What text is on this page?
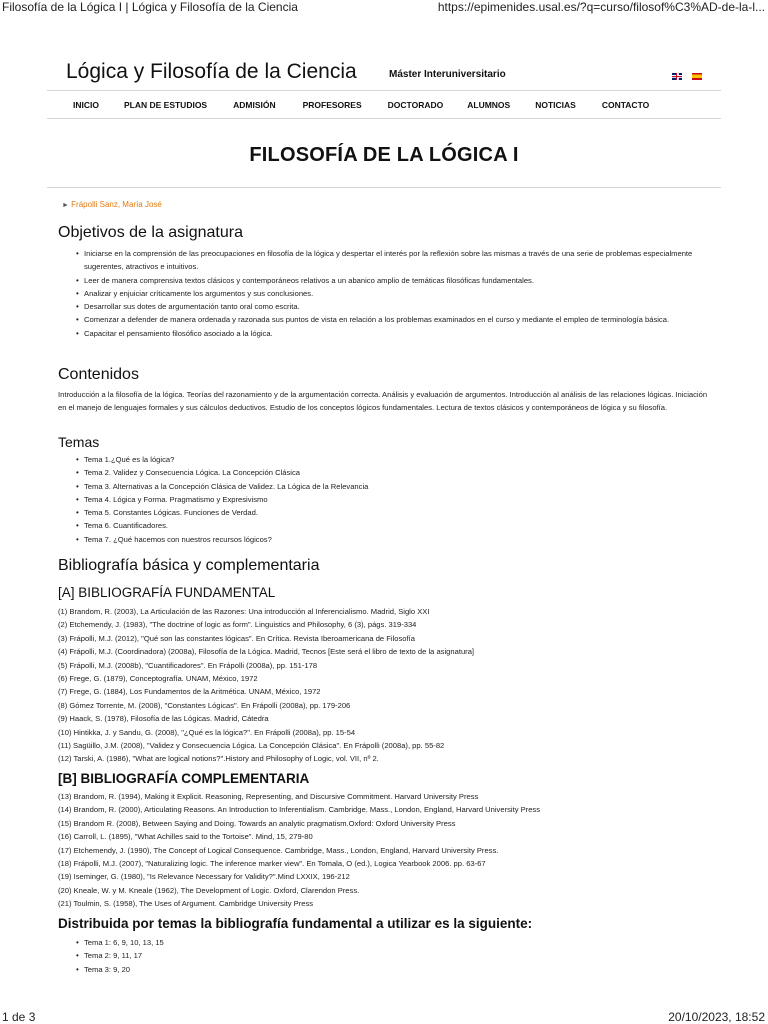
Filosofía de la Lógica I | Lógica y Filosofía de la Ciencia	https://epimenides.usal.es/?q=curso/filosof%C3%AD-de-la-l...
Lógica y Filosofía de la Ciencia	Máster Interuniversitario
INICIO	PLAN DE ESTUDIOS	ADMISIÓN	PROFESORES	DOCTORADO	ALUMNOS	NOTICIAS	CONTACTO
FILOSOFÍA DE LA LÓGICA I
► Frápolli Sanz, María José
Objetivos de la asignatura
• Iniciarse en la comprensión de las preocupaciones en filosofía de la lógica y despertar el interés por la reflexión sobre las mismas a través de una serie de problemas especialmente sugerentes, atractivos e intuitivos.
• Leer de manera comprensiva textos clásicos y contemporáneos relativos a un abanico amplio de temáticas filosóficas fundamentales.
• Analizar y enjuiciar críticamente los argumentos y sus conclusiones.
• Desarrollar sus dotes de argumentación tanto oral como escrita.
• Comenzar a defender de manera ordenada y razonada sus puntos de vista en relación a los problemas examinados en el curso y mediante el empleo de terminología básica.
• Capacitar el pensamiento filosófico asociado a la lógica.
Contenidos

Introducción a la filosofía de la lógica. Teorías del razonamiento y de la argumentación correcta. Análisis y evaluación de argumentos. Introducción al análisis de las relaciones lógicas. Iniciación en el manejo de lenguajes formales y sus cálculos deductivos. Estudio de los conceptos lógicos fundamentales. Lectura de textos clásicos y contemporáneos de lógica y su filosofía.

Temas
• Tema 1.¿Qué es la lógica?
• Tema 2. Validez y Consecuencia Lógica. La Concepción Clásica
• Tema 3. Alternativas a la Concepción Clásica de Validez. La Lógica de la Relevancia
• Tema 4. Lógica y Forma. Pragmatismo y Expresivismo
• Tema 5. Constantes Lógicas. Funciones de Verdad.
• Tema 6. Cuantificadores.
• Tema 7. ¿Qué hacemos con nuestros recursos lógicos?
Bibliografía básica y complementaria
[A] BIBLIOGRAFÍA FUNDAMENTAL
(1) Brandom, R. (2003), La Articulación de las Razones: Una introducción al Inferencialismo. Madrid, Siglo XXI
(2) Etchemendy, J. (1983), "The doctrine of logic as form". Linguistics and Philosophy, 6 (3), págs. 319-334
(3) Frápolli, M.J. (2012), "Qué son las constantes lógicas". En Crítica. Revista Iberoamericana de Filosofía
(4) Frápolli, M.J. (Coordinadora) (2008a), Filosofía de la Lógica. Madrid, Tecnos [Este será el libro de texto de la asignatura]
(5) Frápolli, M.J. (2008b), "Cuantificadores". En Frápolli (2008a), pp. 151-178
(6) Frege, G. (1879), Conceptografía. UNAM, México, 1972
(7) Frege, G. (1884), Los Fundamentos de la Aritmética. UNAM, México, 1972
(8) Gómez Torrente, M. (2008), "Constantes Lógicas". En Frápolli (2008a), pp. 179-206
(9) Haack, S. (1978), Filosofía de las Lógicas. Madrid, Cátedra
(10) Hintikka, J. y Sandu, G. (2008), "¿Qué es la lógica?". En Frápolli (2008a), pp. 15-54
(11) Sagüillo, J.M. (2008), "Validez y Consecuencia Lógica. La Concepción Clásica". En Frápolli (2008a), pp. 55-82
(12) Tarski, A. (1986), "What are logical notions?".History and Philosophy of Logic, vol. VII, nº 2.
[B] BIBLIOGRAFÍA COMPLEMENTARIA
(13) Brandom, R. (1994), Making it Explicit. Reasoning, Representing, and Discursive Commitment. Harvard University Press
(14) Brandom, R. (2000), Articulating Reasons. An Introduction to Inferentialism. Cambridge. Mass., London, England, Harvard University Press
(15) Brandom R. (2008), Between Saying and Doing. Towards an analytic pragmatism.Oxford: Oxford University Press
(16) Carroll, L. (1895), "What Achilles said to the Tortoise". Mind, 15, 279-80
(17) Etchemendy, J. (1990), The Concept of Logical Consequence. Cambridge, Mass., London, England, Harvard University Press.
(18) Frápolli, M.J. (2007), "Naturalizing logic. The inference marker view". En Tomala, O (ed.), Logica Yearbook 2006. pp. 63-67
(19) Iseminger, G. (1980), "Is Relevance Necessary for Validity?".Mind LXXIX, 196-212
(20) Kneale, W. y M. Kneale (1962), The Development of Logic. Oxford, Clarendon Press.
(21) Toulmin, S. (1958), The Uses of Argument. Cambridge University Press
Distribuida por temas la bibliografía fundamental a utilizar es la siguiente:
• Tema 1: 6, 9, 10, 13, 15
• Tema 2: 9, 11, 17
• Tema 3: 9, 20
1 de 3	20/10/2023, 18:52
